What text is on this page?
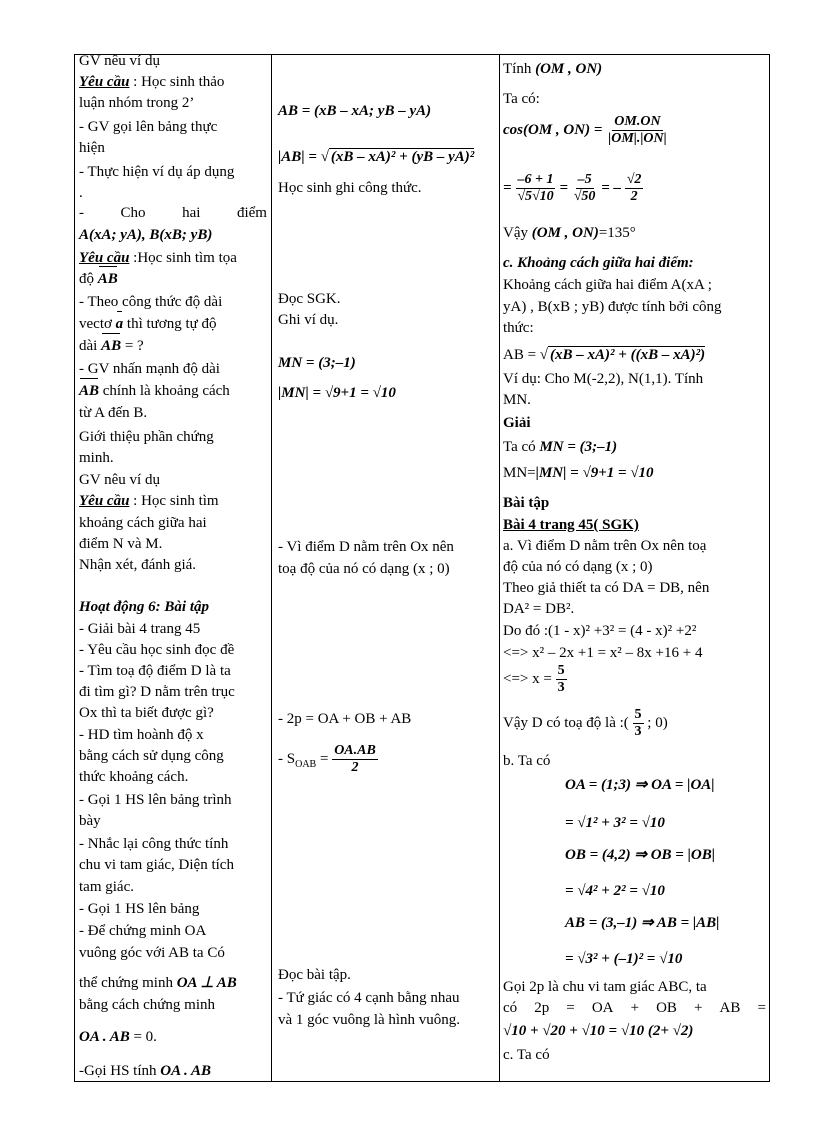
GV nêu ví dụ
Yêu cầu : Học sinh thảo
luận nhóm trong 2’
- GV gọi lên bảng thực
hiện
- Thực hiện ví dụ áp dụng
.
- Cho hai điểm
A(xA; yA), B(xB; yB)
Yêu cầu :Học sinh tìm tọa
độ AB
- Theo công thức độ dài
vectơ a thì tương tự độ
dài AB = ?
- GV nhấn mạnh độ dài
AB chính là khoảng cách
từ A đến B.
Giới thiệu phần chứng
minh.
GV nêu ví dụ
Yêu cầu : Học sinh tìm
khoảng cách giữa hai
điểm N và M.
Nhận xét, đánh giá.
Hoạt động 6: Bài tập
- Giải bài 4 trang 45
- Yêu cầu học sinh đọc đề
- Tìm toạ độ điểm D là ta
đi tìm gì? D nằm trên trục
Ox thì ta biết được gì?
- HD tìm hoành độ x
bằng cách sử dụng công
thức khoảng cách.
- Gọi 1 HS lên bảng trình
bày
- Nhắc lại công thức tính
chu vi tam giác, Diện tích
tam giác.
- Gọi 1 HS lên bảng
- Để chứng minh OA
vuông góc với AB ta Có
thể chứng minh OA ⊥ AB
bằng cách chứng minh
OA . AB = 0.
-Gọi HS tính OA . AB
AB = (xB – xA; yB – yA)
|AB| = √ (xB – xA)² + (yB – yA)²
Học sinh ghi công thức.
Đọc SGK.
Ghi ví dụ.
MN = (3;–1)
|MN| = √9+1 = √10
- Vì điểm D nằm trên Ox nên
toạ độ của nó có dạng (x ; 0)
- 2p = OA + OB + AB
- $S_{OAB} = \frac{OA.AB}{2}$
Đọc bài tập.
- Tứ giác có 4 cạnh bằng nhau
và 1 góc vuông là hình vuông.
Tính (OM , ON)
Ta có:
cos(OM , $ON) = \frac{OM.ON}{|OM|.|ON|}$
= $\frac{-6 + 1}{√5√10} = \frac{-5}{√50}$ = – $\frac{√2}{2}$
Vậy (OM , ON)=135°
c. Khoảng cách giữa hai điểm:
Khoảng cách giữa hai điểm A(xA ;
yA) , B(xB ; yB) được tính bởi công
thức:
AB = √ (xB – xA)² + ((xB – xA)²)
Ví dụ: Cho M(-2,2), N(1,1). Tính
MN.
Giải
Ta có MN = (3;–1)
MN=|MN| = √9+1 = √10
Bài tập
Bài 4 trang 45( SGK)
a. Vì điểm D nằm trên Ox nên toạ
độ của nó có dạng (x ; 0)
Theo giả thiết ta có DA = DB, nên
DA² = DB².
Do đó :(1 - x)² +3² = (4 - x)² +2²
<=> x² – 2x +1 = x² – 8x +16 + 4
<=> $x = \frac{5}{3}$
Vậy D có toạ độ là :( $\frac{5}{3}$ ; 0)
b. Ta có
OA = (1;3) ⇒ OA = |OA|
= √1² + 3² = √10
OB = (4,2) ⇒ OB = |OB|
= √4² + 2² = √10
AB = (3,–1) ⇒ AB = |AB|
= √3² + (–1)² = √10
Gọi 2p là chu vi tam giác ABC, ta
có 2p = OA + OB + AB =
√10 + √20 + √10 = √10 (2+ √2)
c. Ta có
